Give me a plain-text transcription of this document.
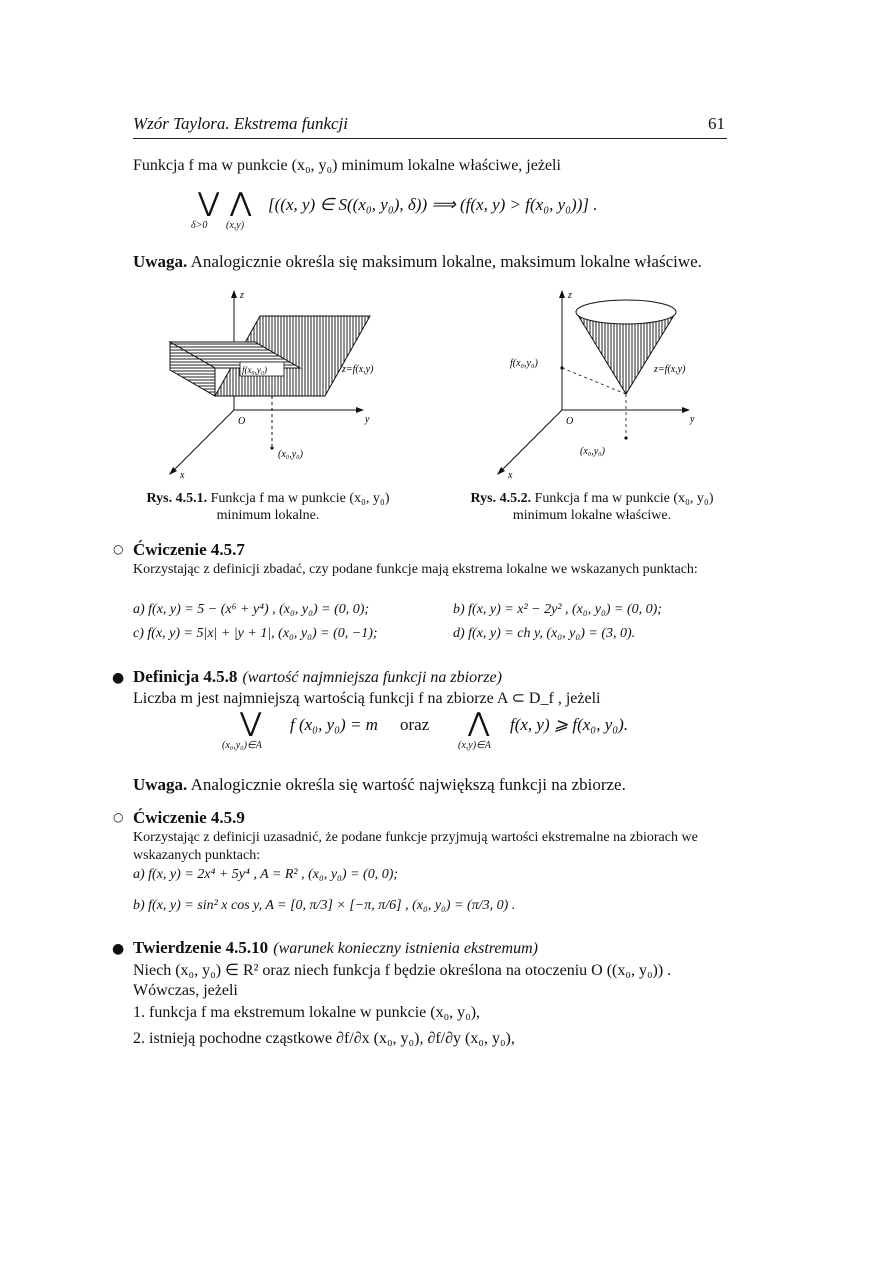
Wzór Taylora. Ekstrema funkcji	61
Funkcja f ma w punkcie (x₀, y₀) minimum lokalne właściwe, jeżeli
⋁ ⋀
δ>0 (x,y)
[((x, y) ∈ S((x₀, y₀), δ)) ⟹ (f(x, y) > f(x₀, y₀))] .
Uwaga. Analogicznie określa się maksimum lokalne, maksimum lokalne właściwe.
z
y
x
O
z=f(x,y)
f(x₀,y₀)
(x₀,y₀)
z
y
x
O
z=f(x,y)
f(x₀,y₀)
(x₀,y₀)
Rys. 4.5.1. Funkcja f ma w punkcie (x₀, y₀) minimum lokalne.
Rys. 4.5.2. Funkcja f ma w punkcie (x₀, y₀) minimum lokalne właściwe.
○ Ćwiczenie 4.5.7
Korzystając z definicji zbadać, czy podane funkcje mają ekstrema lokalne we wskazanych punktach:
a) f(x, y) = 5 − (x⁶ + y⁴) , (x₀, y₀) = (0, 0);	b) f(x, y) = x² − 2y² , (x₀, y₀) = (0, 0);
c) f(x, y) = 5|x| + |y + 1|, (x₀, y₀) = (0, −1);	d) f(x, y) = ch y, (x₀, y₀) = (3, 0).
● Definicja 4.5.8 (wartość najmniejsza funkcji na zbiorze)
Liczba m jest najmniejszą wartością funkcji f na zbiorze A ⊂ D_f , jeżeli
⋁
(x₀,y₀)∈A
f (x₀, y₀) = m oraz ⋀
(x,y)∈A
f(x, y) ⩾ f(x₀, y₀).
Uwaga. Analogicznie określa się wartość największą funkcji na zbiorze.
○ Ćwiczenie 4.5.9
Korzystając z definicji uzasadnić, że podane funkcje przyjmują wartości ekstremalne na zbiorach we wskazanych punktach:
a) f(x, y) = 2x⁴ + 5y⁴ , A = R² , (x₀, y₀) = (0, 0);
b) f(x, y) = sin² x cos y, A = [0, π/3] × [−π, π/6] , (x₀, y₀) = (π/3, 0) .
● Twierdzenie 4.5.10 (warunek konieczny istnienia ekstremum)
Niech (x₀, y₀) ∈ R² oraz niech funkcja f będzie określona na otoczeniu O ((x₀, y₀)) .
Wówczas, jeżeli
1. funkcja f ma ekstremum lokalne w punkcie (x₀, y₀),
2. istnieją pochodne cząstkowe ∂f/∂x (x₀, y₀), ∂f/∂y (x₀, y₀),
